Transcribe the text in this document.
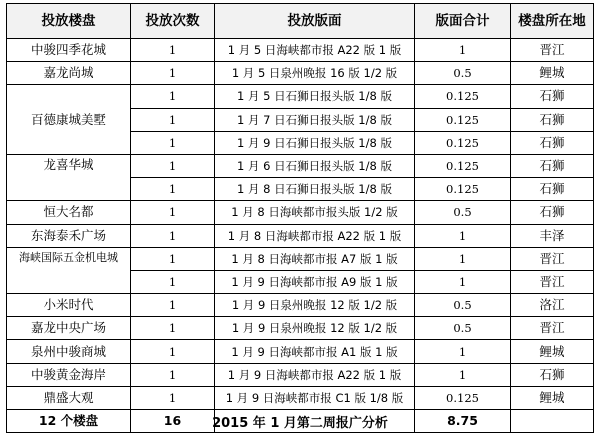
投放楼盘	投放次数	投放版面	版面合计	楼盘所在地
中骏四季花城	1	1 月 5 日海峡都市报 A22 版 1 版	1	晋江
嘉龙尚城	1	1 月 5 日泉州晚报 16 版 1/2 版	0.5	鲤城
百德康城美墅	1	1 月 5 日石狮日报头版 1/8 版	0.125	石狮
	1	1 月 7 日石狮日报头版 1/8 版	0.125	石狮
	1	1 月 9 日石狮日报头版 1/8 版	0.125	石狮
龙喜华城	1	1 月 6 日石狮日报头版 1/8 版	0.125	石狮
	1	1 月 8 日石狮日报头版 1/8 版	0.125	石狮
恒大名都	1	1 月 8 日海峡都市报头版 1/2 版	0.5	石狮
东海泰禾广场	1	1 月 8 日海峡都市报 A22 版 1 版	1	丰泽
海峡国际五金机电城	1	1 月 8 日海峡都市报 A7 版 1 版	1	晋江
	1	1 月 9 日海峡都市报 A9 版 1 版	1	晋江
小米时代	1	1 月 9 日泉州晚报 12 版 1/2 版	0.5	洛江
嘉龙中央广场	1	1 月 9 日泉州晚报 12 版 1/2 版	0.5	晋江
泉州中骏商城	1	1 月 9 日海峡都市报 A1 版 1 版	1	鲤城
中骏黄金海岸	1	1 月 9 日海峡都市报 A22 版 1 版	1	石狮
鼎盛大观	1	1 月 9 日海峡都市报 C1 版 1/8 版	0.125	鲤城
12 个楼盘	16		8.75	
2015 年 1 月第二周报广分析
